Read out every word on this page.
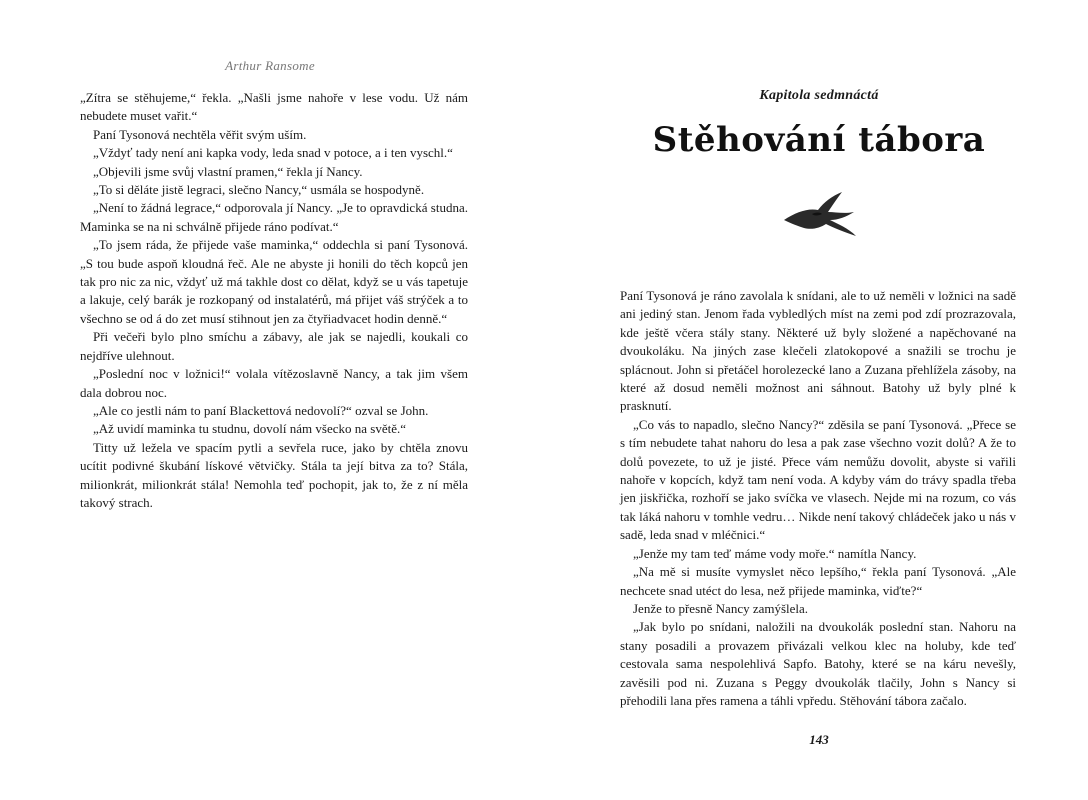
Arthur Ransome

„Zítra se stěhujeme,“ řekla. „Našli jsme nahoře v lese vodu. Už nám nebudete muset vařit.“

Paní Tysonová nechtěla věřit svým uším.

„Vždyť tady není ani kapka vody, leda snad v potoce, a i ten vyschl.“

„Objevili jsme svůj vlastní pramen,“ řekla jí Nancy.

„To si děláte jistě legraci, slečno Nancy,“ usmála se hospodyně.

„Není to žádná legrace,“ odporovala jí Nancy. „Je to opravdická studna. Maminka se na ni schválně přijede ráno podívat.“

„To jsem ráda, že přijede vaše maminka,“ oddechla si paní Tysonová. „S tou bude aspoň kloudná řeč. Ale ne abyste ji honili do těch kopců jen tak pro nic za nic, vždyť už má takhle dost co dělat, když se u vás tapetuje a lakuje, celý barák je rozkopaný od instalatérů, má přijet váš strýček a to všechno se od á do zet musí stihnout jen za čtyřiadvacet hodin denně.“

Při večeři bylo plno smíchu a zábavy, ale jak se najedli, koukali co nejdříve ulehnout.

„Poslední noc v ložnici!“ volala vítězoslavně Nancy, a tak jim všem dala dobrou noc.

„Ale co jestli nám to paní Blackettová nedovolí?“ ozval se John.

„Až uvidí maminka tu studnu, dovolí nám všecko na světě.“

Titty už ležela ve spacím pytli a sevřela ruce, jako by chtěla znovu ucítit podivné škubání lískové větvičky. Stála ta její bitva za to? Stála, milionkrát, milionkrát stála! Nemohla teď pochopit, jak to, že z ní měla takový strach.

Kapitola sedmnáctá
Stěhování tábora

Paní Tysonová je ráno zavolala k snídani, ale to už neměli v ložnici na sadě ani jediný stan. Jenom řada vybledlých míst na zemi pod zdí prozrazovala, kde ještě včera stály stany. Některé už byly složené a napěchované na dvoukoláku. Na jiných zase klečeli zlatokopové a snažili se trochu je splácnout. John si přetáčel horolezecké lano a Zuzana přehlížela zásoby, na které až dosud neměli možnost ani sáhnout. Batohy už byly plné k prasknutí.

„Co vás to napadlo, slečno Nancy?“ zděsila se paní Tysonová. „Přece se s tím nebudete tahat nahoru do lesa a pak zase všechno vozit dolů? A že to dolů povezete, to už je jisté. Přece vám nemůžu dovolit, abyste si vařili nahoře v kopcích, když tam není voda. A kdyby vám do trávy spadla třeba jen jiskřička, rozhoří se jako svíčka ve vlasech. Nejde mi na rozum, co vás tak láká nahoru v tomhle vedru… Nikde není takový chládeček jako u nás v sadě, leda snad v mléčnici.“

„Jenže my tam teď máme vody moře.“ namítla Nancy.

„Na mě si musíte vymyslet něco lepšího,“ řekla paní Tysonová. „Ale nechcete snad utéct do lesa, než přijede maminka, viďte?“

Jenže to přesně Nancy zamýšlela.

„Jak bylo po snídani, naložili na dvoukolák poslední stan. Nahoru na stany posadili a provazem přivázali velkou klec na holuby, kde teď cestovala sama nespolehlivá Sapfo. Batohy, které se na káru nevešly, zavěsili pod ni. Zuzana s Peggy dvoukolák tlačily, John s Nancy si přehodili lana přes ramena a táhli vpředu. Stěhování tábora začalo.

143
